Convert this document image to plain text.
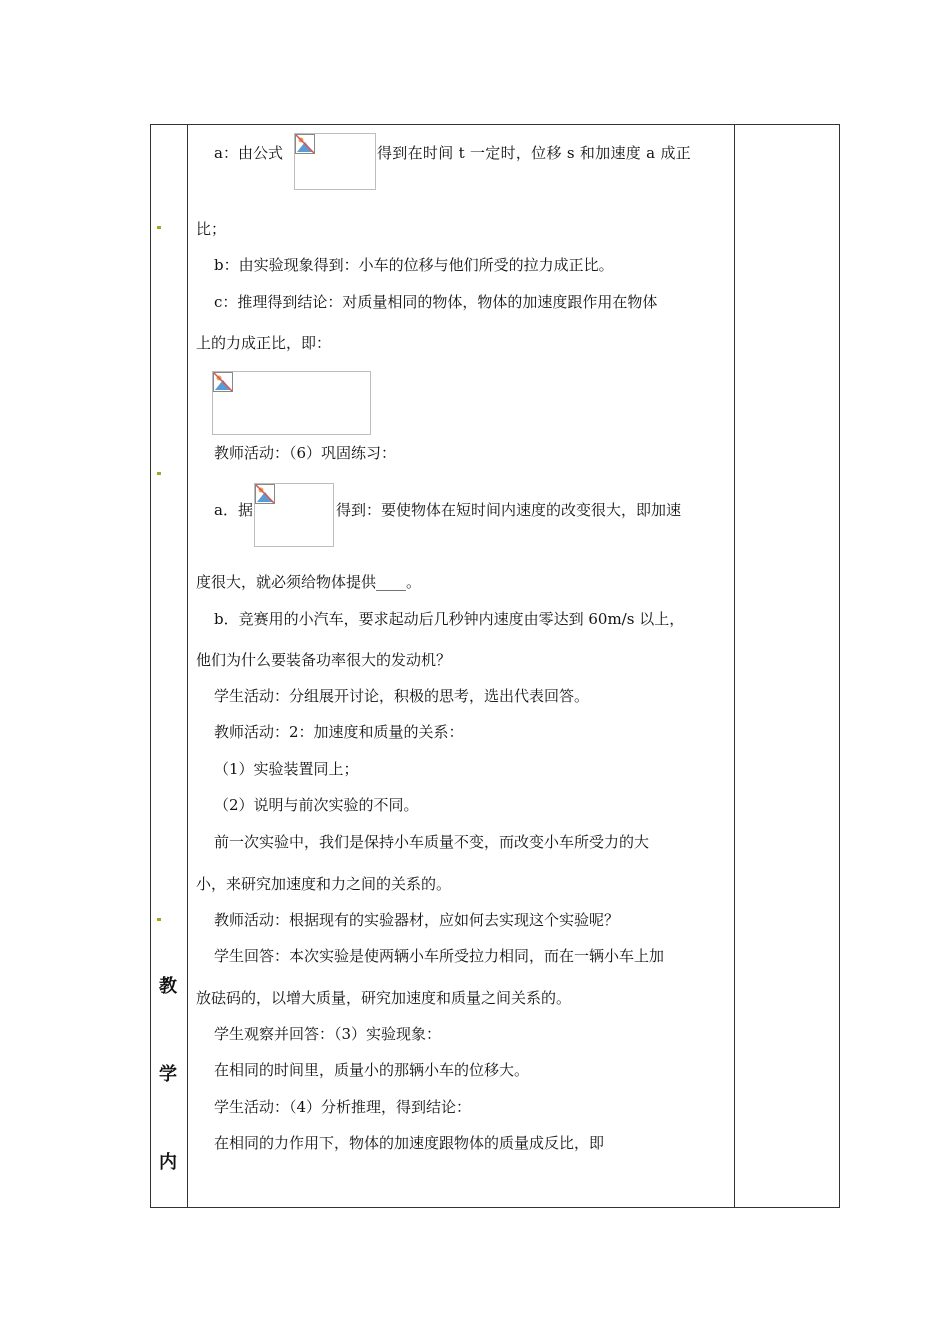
教
学
内
a：由公式	得到在时间 t 一定时，位移 s 和加速度 a 成正
比；
b：由实验现象得到：小车的位移与他们所受的拉力成正比。
c：推理得到结论：对质量相同的物体，物体的加速度跟作用在物体
上的力成正比，即：
教师活动：（6）巩固练习：
a．据	得到：要使物体在短时间内速度的改变很大，即加速
度很大，就必须给物体提供____。
b．竞赛用的小汽车，要求起动后几秒钟内速度由零达到 60m/s 以上，
他们为什么要装备功率很大的发动机？
学生活动：分组展开讨论，积极的思考，选出代表回答。
教师活动：2：加速度和质量的关系：
（1）实验装置同上；
（2）说明与前次实验的不同。
前一次实验中，我们是保持小车质量不变，而改变小车所受力的大
小，来研究加速度和力之间的关系的。
教师活动：根据现有的实验器材，应如何去实现这个实验呢？
学生回答：本次实验是使两辆小车所受拉力相同，而在一辆小车上加
放砝码的，以增大质量，研究加速度和质量之间关系的。
学生观察并回答：（3）实验现象：
在相同的时间里，质量小的那辆小车的位移大。
学生活动：（4）分析推理，得到结论：
在相同的力作用下，物体的加速度跟物体的质量成反比，即
